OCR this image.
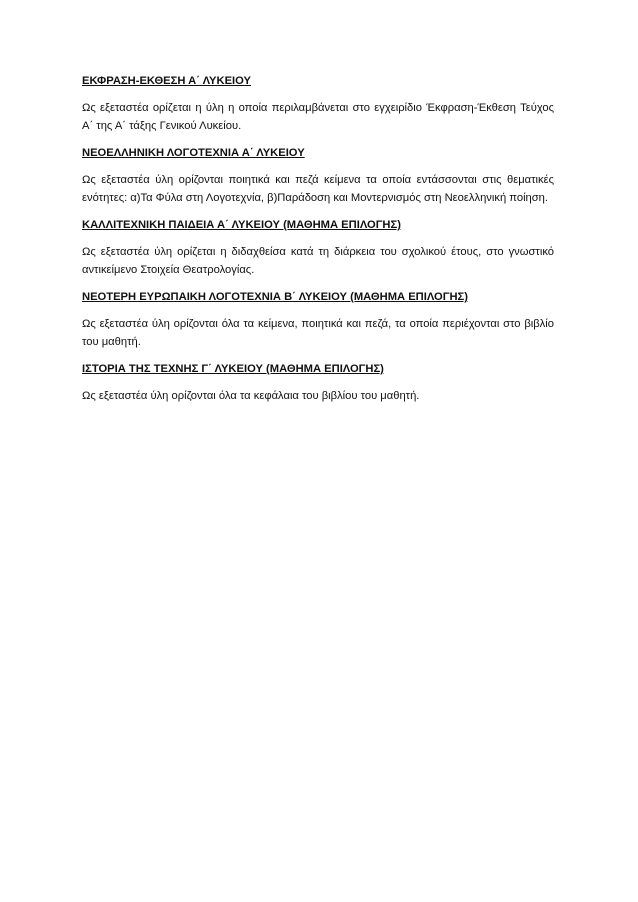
ΕΚΦΡΑΣΗ-ΕΚΘΕΣΗ Α΄ ΛΥΚΕΙΟΥ

Ως εξεταστέα ορίζεται η ύλη η οποία περιλαμβάνεται στο εγχειρίδιο Έκφραση-Έκθεση Τεύχος Α΄ της Α΄ τάξης Γενικού Λυκείου.

ΝΕΟΕΛΛΗΝΙΚΗ ΛΟΓΟΤΕΧΝΙΑ Α΄ ΛΥΚΕΙΟΥ

Ως εξεταστέα ύλη ορίζονται ποιητικά και πεζά κείμενα τα οποία εντάσσονται στις θεματικές ενότητες: α)Τα Φύλα στη Λογοτεχνία, β)Παράδοση και Μοντερνισμός στη Νεοελληνική ποίηση.

ΚΑΛΛΙΤΕΧΝΙΚΗ ΠΑΙΔΕΙΑ Α΄ ΛΥΚΕΙΟΥ (ΜΑΘΗΜΑ ΕΠΙΛΟΓΗΣ)

Ως εξεταστέα ύλη ορίζεται η διδαχθείσα κατά τη διάρκεια του σχολικού έτους, στο γνωστικό αντικείμενο Στοιχεία Θεατρολογίας.

ΝΕΟΤΕΡΗ ΕΥΡΩΠΑΙΚΗ ΛΟΓΟΤΕΧΝΙΑ Β΄ ΛΥΚΕΙΟΥ (ΜΑΘΗΜΑ ΕΠΙΛΟΓΗΣ)

Ως εξεταστέα ύλη ορίζονται όλα τα κείμενα, ποιητικά και πεζά, τα οποία περιέχονται στο βιβλίο του μαθητή.

ΙΣΤΟΡΙΑ ΤΗΣ ΤΕΧΝΗΣ Γ΄ ΛΥΚΕΙΟΥ (ΜΑΘΗΜΑ ΕΠΙΛΟΓΗΣ)

Ως εξεταστέα ύλη ορίζονται όλα τα κεφάλαια του βιβλίου του μαθητή.
